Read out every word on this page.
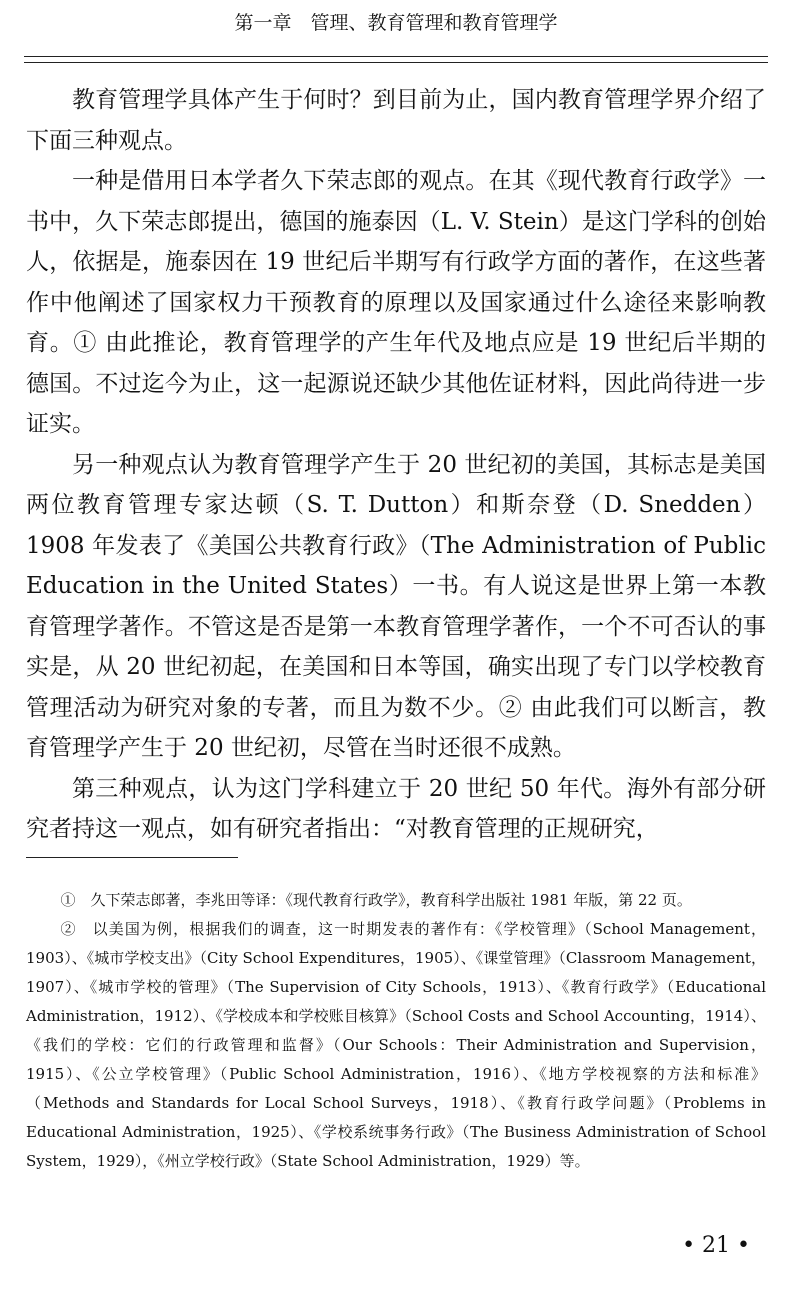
第一章　管理、教育管理和教育管理学

教育管理学具体产生于何时？到目前为止，国内教育管理学界介绍了下面三种观点。

一种是借用日本学者久下荣志郎的观点。在其《现代教育行政学》一书中，久下荣志郎提出，德国的施泰因（L. V. Stein）是这门学科的创始人，依据是，施泰因在 19 世纪后半期写有行政学方面的著作，在这些著作中他阐述了国家权力干预教育的原理以及国家通过什么途径来影响教育。① 由此推论，教育管理学的产生年代及地点应是 19 世纪后半期的德国。不过迄今为止，这一起源说还缺少其他佐证材料，因此尚待进一步证实。

另一种观点认为教育管理学产生于 20 世纪初的美国，其标志是美国两位教育管理专家达顿（S. T. Dutton）和斯奈登（D. Snedden）1908 年发表了《美国公共教育行政》（The Administration of Public Education in the United States）一书。有人说这是世界上第一本教育管理学著作。不管这是否是第一本教育管理学著作，一个不可否认的事实是，从 20 世纪初起，在美国和日本等国，确实出现了专门以学校教育管理活动为研究对象的专著，而且为数不少。② 由此我们可以断言，教育管理学产生于 20 世纪初，尽管在当时还很不成熟。

第三种观点，认为这门学科建立于 20 世纪 50 年代。海外有部分研究者持这一观点，如有研究者指出：“对教育管理的正规研究，

①　久下荣志郎著，李兆田等译：《现代教育行政学》，教育科学出版社 1981 年版，第 22 页。

②　以美国为例，根据我们的调查，这一时期发表的著作有：《学校管理》（School Management，1903）、《城市学校支出》（City School Expenditures，1905）、《课堂管理》（Classroom Management，1907）、《城市学校的管理》（The Supervision of City Schools，1913）、《教育行政学》（Educational Administration，1912）、《学校成本和学校账目核算》（School Costs and School Accounting，1914）、《我们的学校：它们的行政管理和监督》（Our Schools：Their Administration and Supervision，1915）、《公立学校管理》（Public School Administration，1916）、《地方学校视察的方法和标准》（Methods and Standards for Local School Surveys，1918）、《教育行政学问题》（Problems in Educational Administration，1925）、《学校系统事务行政》（The Business Administration of School System，1929），《州立学校行政》（State School Administration，1929）等。

• 21 •
